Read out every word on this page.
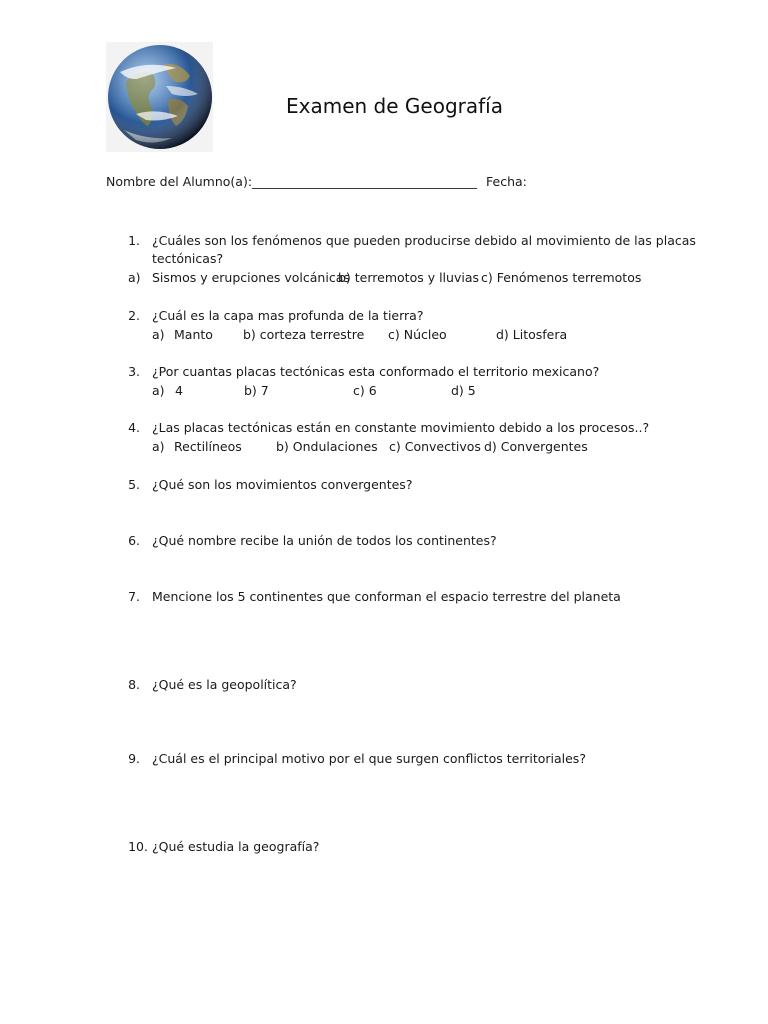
Examen de Geografía
Nombre del Alumno(a):____________________________________ Fecha:
1. ¿Cuáles son los fenómenos que pueden producirse debido al movimiento de las placas
tectónicas?
a) Sismos y erupciones volcánicas
b) terremotos y lluvias c) Fenómenos terremotos
2. ¿Cuál es la capa mas profunda de la tierra?
a) Manto b) corteza terrestre c) Núcleo	d) Litosfera
3. ¿Por cuantas placas tectónicas esta conformado el territorio mexicano?
a) 4	b) 7	c) 6	d) 5
4. ¿Las placas tectónicas están en constante movimiento debido a los procesos..?
a) Rectilíneos	b) Ondulaciones c) Convectivos d) Convergentes
5. ¿Qué son los movimientos convergentes?
6. ¿Qué nombre recibe la unión de todos los continentes?
7. Mencione los 5 continentes que conforman el espacio terrestre del planeta
8. ¿Qué es la geopolítica?
9. ¿Cuál es el principal motivo por el que surgen conflictos territoriales?
10. ¿Qué estudia la geografía?
